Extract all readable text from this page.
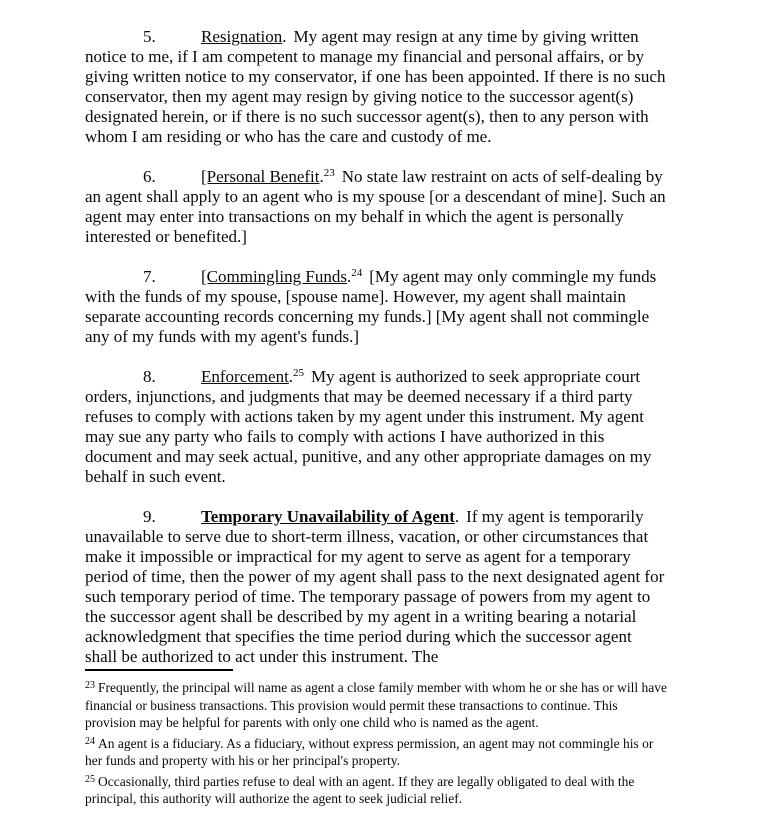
5.	Resignation. My agent may resign at any time by giving written notice to me, if I am competent to manage my financial and personal affairs, or by giving written notice to my conservator, if one has been appointed. If there is no such conservator, then my agent may resign by giving notice to the successor agent(s) designated herein, or if there is no such successor agent(s), then to any person with whom I am residing or who has the care and custody of me.

6.	[Personal Benefit.$^{23}$ No state law restraint on acts of self-dealing by an agent shall apply to an agent who is my spouse [or a descendant of mine]. Such an agent may enter into transactions on my behalf in which the agent is personally interested or benefited.]

7.	[Commingling Funds.$^{24}$ [My agent may only commingle my funds with the funds of my spouse, [spouse name]. However, my agent shall maintain separate accounting records concerning my funds.] [My agent shall not commingle any of my funds with my agent's funds.]

8.	Enforcement.$^{25}$ My agent is authorized to seek appropriate court orders, injunctions, and judgments that may be deemed necessary if a third party refuses to comply with actions taken by my agent under this instrument. My agent may sue any party who fails to comply with actions I have authorized in this document and may seek actual, punitive, and any other appropriate damages on my behalf in such event.

9.	Temporary Unavailability of Agent. If my agent is temporarily unavailable to serve due to short-term illness, vacation, or other circumstances that make it impossible or impractical for my agent to serve as agent for a temporary period of time, then the power of my agent shall pass to the next designated agent for such temporary period of time. The temporary passage of powers from my agent to the successor agent shall be described by my agent in a writing bearing a notarial acknowledgment that specifies the time period during which the successor agent shall be authorized to act under this instrument. The

$^{23}$ Frequently, the principal will name as agent a close family member with whom he or she has or will have financial or business transactions. This provision would permit these transactions to continue. This provision may be helpful for parents with only one child who is named as the agent.

$^{24}$ An agent is a fiduciary. As a fiduciary, without express permission, an agent may not commingle his or her funds and property with his or her principal's property.

$^{25}$ Occasionally, third parties refuse to deal with an agent. If they are legally obligated to deal with the principal, this authority will authorize the agent to seek judicial relief.
